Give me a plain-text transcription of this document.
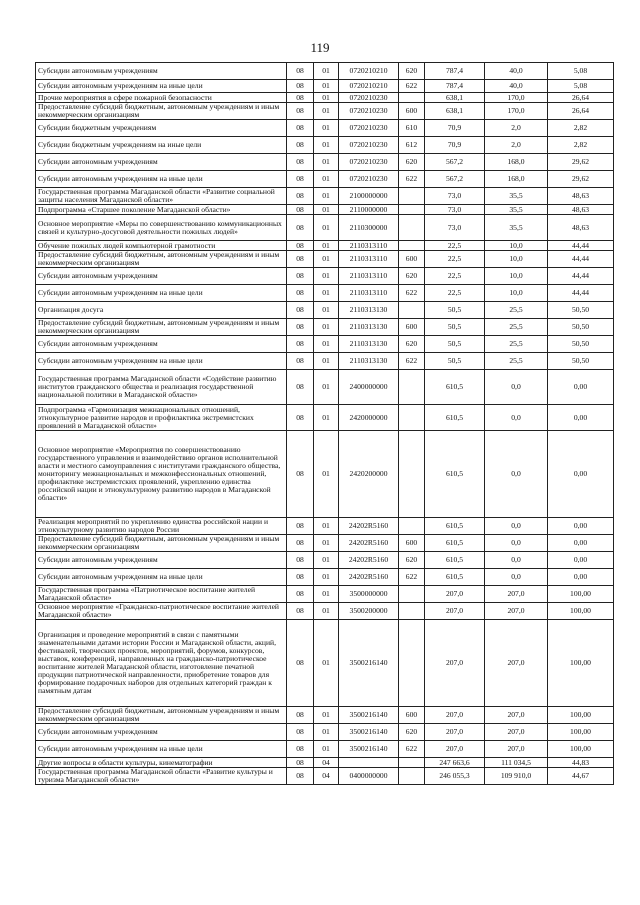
119
Субсидии автономным учреждениям	08	01	0720210210	620	787,4	40,0	5,08
Субсидии автономным учреждениям на иные цели	08	01	0720210210	622	787,4	40,0	5,08
Прочие мероприятия в сфере пожарной безопасности	08	01	0720210230		638,1	170,0	26,64
Предоставление субсидий бюджетным, автономным учреждениям и иным некоммерческим организациям	08	01	0720210230	600	638,1	170,0	26,64
Субсидии бюджетным учреждениям	08	01	0720210230	610	70,9	2,0	2,82
Субсидии бюджетным учреждениям на иные цели	08	01	0720210230	612	70,9	2,0	2,82
Субсидии автономным учреждениям	08	01	0720210230	620	567,2	168,0	29,62
Субсидии автономным учреждениям на иные цели	08	01	0720210230	622	567,2	168,0	29,62
Государственная программа Магаданской области «Развитие социальной защиты населения Магаданской области»	08	01	2100000000		73,0	35,5	48,63
Подпрограмма «Старшее поколение Магаданской области»	08	01	2110000000		73,0	35,5	48,63
Основное мероприятие «Меры по совершенствованию коммуникационных связей и культурно-досуговой деятельности пожилых людей»	08	01	2110300000		73,0	35,5	48,63
Обучение пожилых людей компьютерной грамотности	08	01	2110313110		22,5	10,0	44,44
Предоставление субсидий бюджетным, автономным учреждениям и иным некоммерческим организациям	08	01	2110313110	600	22,5	10,0	44,44
Субсидии автономным учреждениям	08	01	2110313110	620	22,5	10,0	44,44
Субсидии автономным учреждениям на иные цели	08	01	2110313110	622	22,5	10,0	44,44
Организация досуга	08	01	2110313130		50,5	25,5	50,50
Предоставление субсидий бюджетным, автономным учреждениям и иным некоммерческим организациям	08	01	2110313130	600	50,5	25,5	50,50
Субсидии автономным учреждениям	08	01	2110313130	620	50,5	25,5	50,50
Субсидии автономным учреждениям на иные цели	08	01	2110313130	622	50,5	25,5	50,50
Государственная программа Магаданской области «Содействие развитию институтов гражданского общества и реализация государственной национальной политики в Магаданской области»	08	01	2400000000		610,5	0,0	0,00
Подпрограмма «Гармонизация межнациональных отношений, этнокультурное развитие народов и профилактика экстремистских проявлений в Магаданской области»	08	01	2420000000		610,5	0,0	0,00
Основное мероприятие «Мероприятия по совершенствованию государственного управления и взаимодействию органов исполнительной власти и местного самоуправления с институтами гражданского общества, мониторингу межнациональных и межконфессиональных отношений, профилактике экстремистских проявлений, укреплению единства российской нации и этнокультурному развитию народов в Магаданской области»	08	01	2420200000		610,5	0,0	0,00
Реализация мероприятий по укреплению единства российской нации и этнокультурному развитию народов России	08	01	24202R5160		610,5	0,0	0,00
Предоставление субсидий бюджетным, автономным учреждениям и иным некоммерческим организациям	08	01	24202R5160	600	610,5	0,0	0,00
Субсидии автономным учреждениям	08	01	24202R5160	620	610,5	0,0	0,00
Субсидии автономным учреждениям на иные цели	08	01	24202R5160	622	610,5	0,0	0,00
Государственная программа «Патриотическое воспитание жителей Магаданской области»	08	01	3500000000		207,0	207,0	100,00
Основное мероприятие «Гражданско-патриотическое воспитание жителей Магаданской области»	08	01	3500200000		207,0	207,0	100,00
Организация и проведение мероприятий в связи с памятными знаменательными датами истории России и Магаданской области, акций, фестивалей, творческих проектов, мероприятий, форумов, конкурсов, выставок, конференций, направленных на гражданско-патриотическое воспитание жителей Магаданской области, изготовление печатной продукции патриотической направленности, приобретение товаров для формирование подарочных наборов для отдельных категорий граждан к памятным датам	08	01	3500216140		207,0	207,0	100,00
Предоставление субсидий бюджетным, автономным учреждениям и иным некоммерческим организациям	08	01	3500216140	600	207,0	207,0	100,00
Субсидии автономным учреждениям	08	01	3500216140	620	207,0	207,0	100,00
Субсидии автономным учреждениям на иные цели	08	01	3500216140	622	207,0	207,0	100,00
Другие вопросы в области культуры, кинематографии	08	04			247 663,6	111 034,5	44,83
Государственная программа Магаданской области «Развитие культуры и туризма Магаданской области»	08	04	0400000000		246 055,3	109 910,0	44,67
